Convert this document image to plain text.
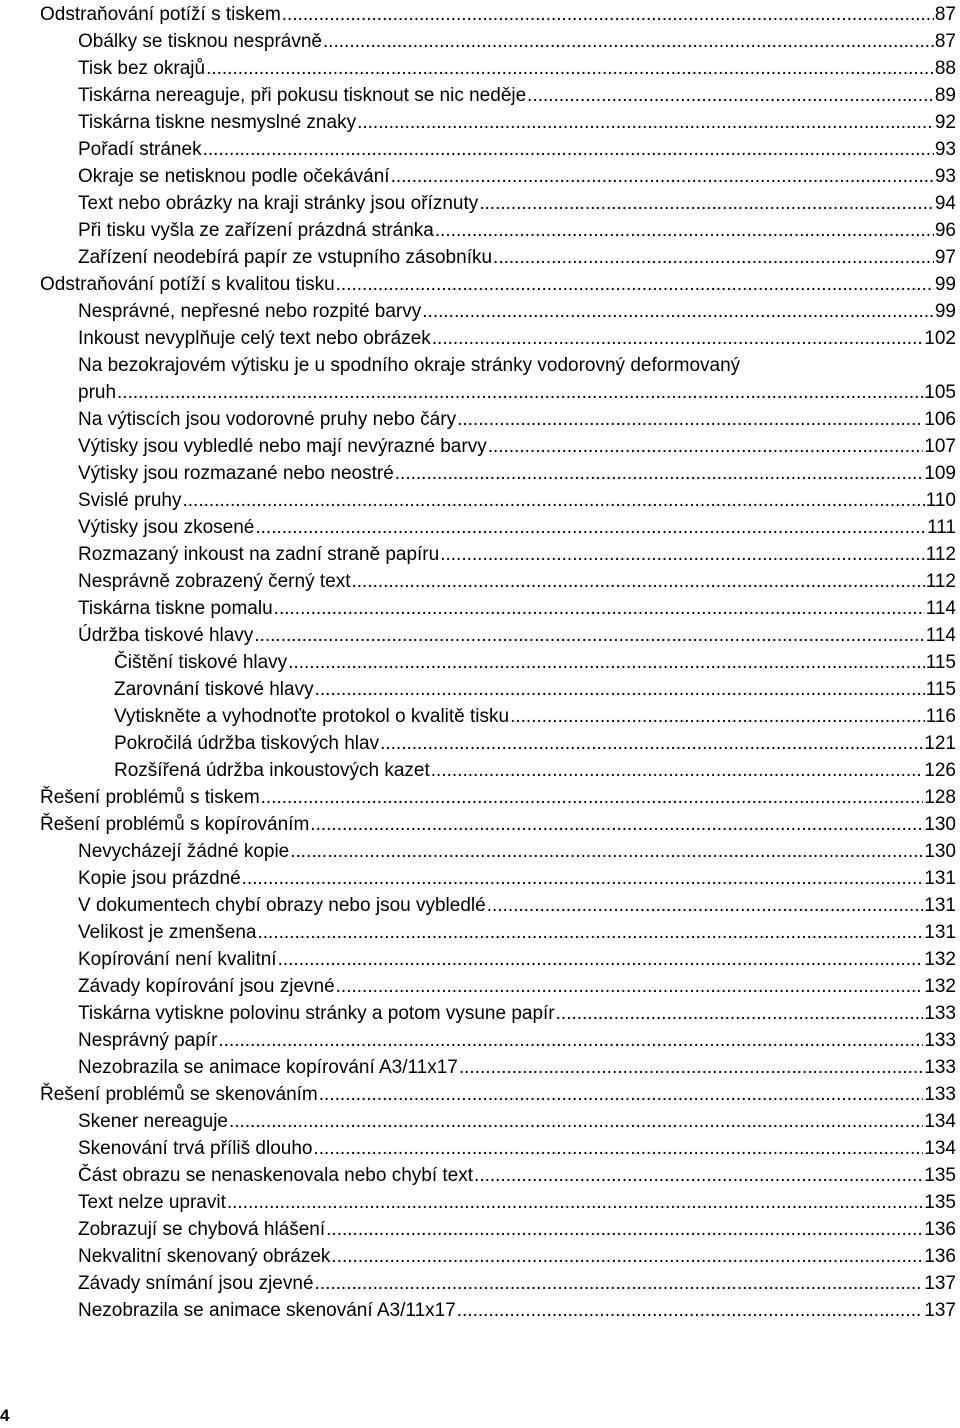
Odstraňování potíží s tiskem .....	87
Obálky se tisknou nesprávně .....	87
Tisk bez okrajů .....	88
Tiskárna nereaguje, při pokusu tisknout se nic neděje .....	89
Tiskárna tiskne nesmyslné znaky .....	92
Pořadí stránek .....	93
Okraje se netisknou podle očekávání .....	93
Text nebo obrázky na kraji stránky jsou oříznuty .....	94
Při tisku vyšla ze zařízení prázdná stránka .....	96
Zařízení neodebírá papír ze vstupního zásobníku .....	97
Odstraňování potíží s kvalitou tisku .....	99
Nesprávné, nepřesné nebo rozpité barvy .....	99
Inkoust nevyplňuje celý text nebo obrázek .....	102
Na bezokrajovém výtisku je u spodního okraje stránky vodorovný deformovaný
pruh .....	105
Na výtiscích jsou vodorovné pruhy nebo čáry .....	106
Výtisky jsou vybledlé nebo mají nevýrazné barvy .....	107
Výtisky jsou rozmazané nebo neostré .....	109
Svislé pruhy .....	110
Výtisky jsou zkosené .....	111
Rozmazaný inkoust na zadní straně papíru .....	112
Nesprávně zobrazený černý text .....	112
Tiskárna tiskne pomalu .....	114
Údržba tiskové hlavy .....	114
Čištění tiskové hlavy .....	115
Zarovnání tiskové hlavy .....	115
Vytiskněte a vyhodnoťte protokol o kvalitě tisku .....	116
Pokročilá údržba tiskových hlav .....	121
Rozšířená údržba inkoustových kazet .....	126
Řešení problémů s tiskem .....	128
Řešení problémů s kopírováním .....	130
Nevycházejí žádné kopie .....	130
Kopie jsou prázdné .....	131
V dokumentech chybí obrazy nebo jsou vybledlé .....	131
Velikost je zmenšena .....	131
Kopírování není kvalitní .....	132
Závady kopírování jsou zjevné .....	132
Tiskárna vytiskne polovinu stránky a potom vysune papír .....	133
Nesprávný papír .....	133
Nezobrazila se animace kopírování A3/11x17 .....	133
Řešení problémů se skenováním .....	133
Skener nereaguje .....	134
Skenování trvá příliš dlouho .....	134
Část obrazu se nenaskenovala nebo chybí text .....	135
Text nelze upravit .....	135
Zobrazují se chybová hlášení .....	136
Nekvalitní skenovaný obrázek .....	136
Závady snímání jsou zjevné .....	137
Nezobrazila se animace skenování A3/11x17 .....	137
4
